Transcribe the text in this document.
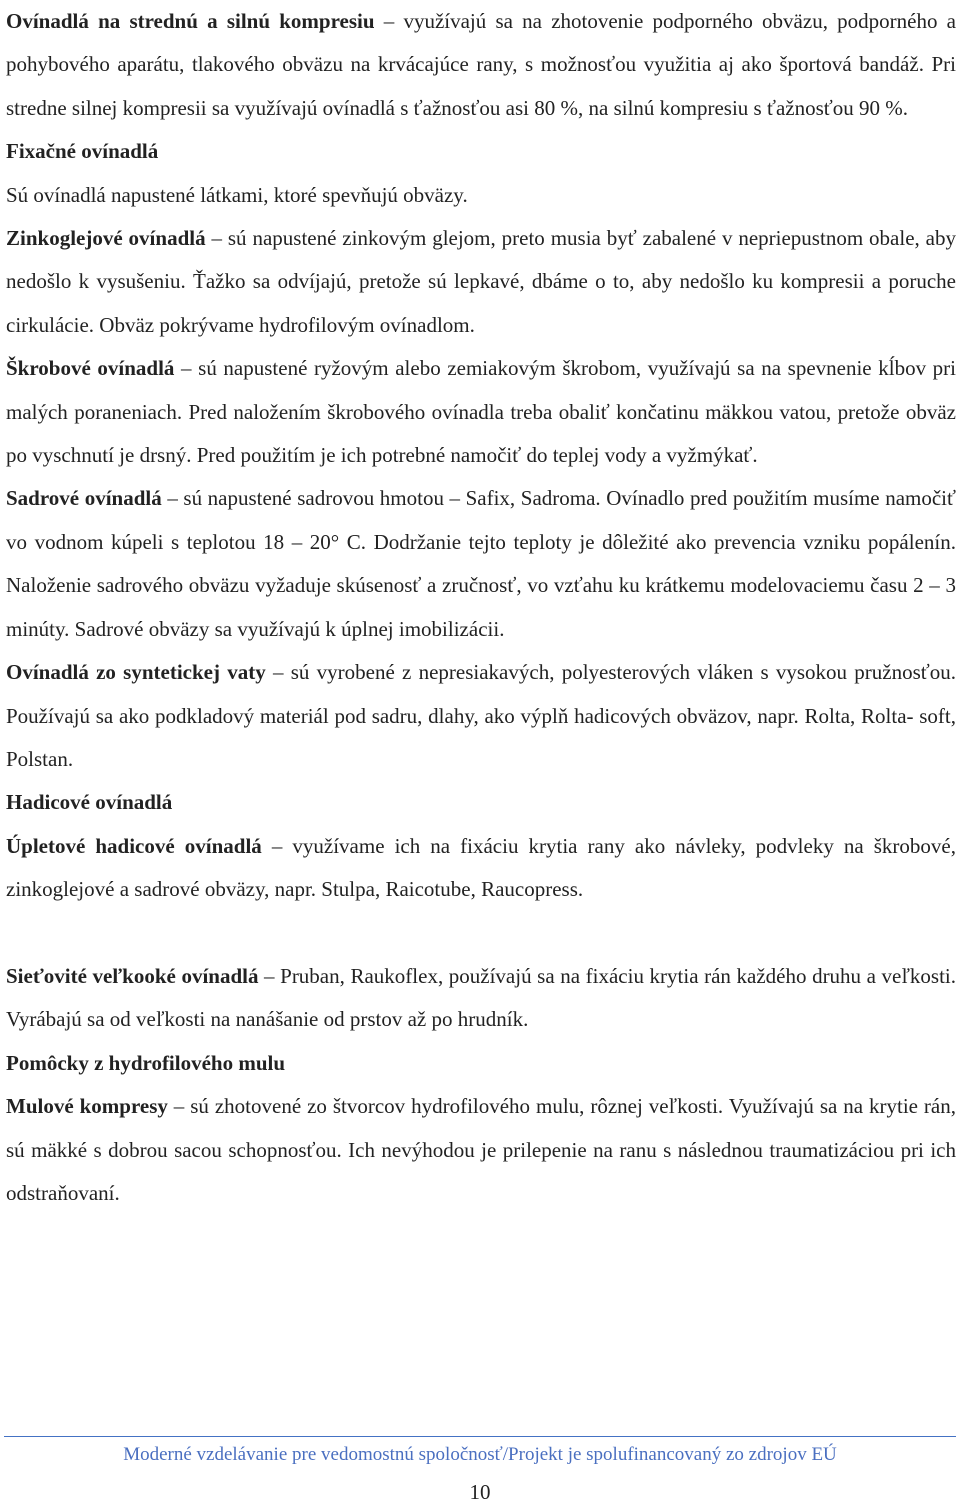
Ovínadlá na strednú a silnú kompresiu – využívajú sa na zhotovenie podporného obväzu, podporného a pohybového aparátu, tlakového obväzu na krvácajúce rany, s možnosťou využitia aj ako športová bandáž. Pri stredne silnej kompresii sa využívajú ovínadlá s ťažnosťou asi 80 %, na silnú kompresiu s ťažnosťou 90 %.

Fixačné ovínadlá

Sú ovínadlá napustené látkami, ktoré spevňujú obväzy.

Zinkoglejové ovínadlá – sú napustené zinkovým glejom, preto musia byť zabalené v nepriepustnom obale, aby nedošlo k vysušeniu. Ťažko sa odvíjajú, pretože sú lepkavé, dbáme o to, aby nedošlo ku kompresii a poruche cirkulácie. Obväz pokrývame hydrofilovým ovínadlom.

Škrobové ovínadlá – sú napustené ryžovým alebo zemiakovým škrobom, využívajú sa na spevnenie kĺbov pri malých poraneniach. Pred naložením škrobového ovínadla treba obaliť končatinu mäkkou vatou, pretože obväz po vyschnutí je drsný. Pred použitím je ich potrebné namočiť do teplej vody a vyžmýkať.

Sadrové ovínadlá – sú napustené sadrovou hmotou – Safix, Sadroma. Ovínadlo pred použitím musíme namočiť vo vodnom kúpeli s teplotou 18 – 20° C. Dodržanie tejto teploty je dôležité ako prevencia vzniku popálenín. Naloženie sadrového obväzu vyžaduje skúsenosť a zručnosť, vo vzťahu ku krátkemu modelovaciemu času 2 – 3 minúty. Sadrové obväzy sa využívajú k úplnej imobilizácii.

Ovínadlá zo syntetickej vaty – sú vyrobené z nepresiakavých, polyesterových vláken s vysokou pružnosťou. Používajú sa ako podkladový materiál pod sadru, dlahy, ako výplň hadicových obväzov, napr. Rolta, Rolta- soft, Polstan.

Hadicové ovínadlá

Úpletové hadicové ovínadlá – využívame ich na fixáciu krytia rany ako návleky, podvleky na škrobové, zinkoglejové a sadrové obväzy, napr. Stulpa, Raicotube, Raucopress.

Sieťovité veľkooké ovínadlá – Pruban, Raukoflex, používajú sa na fixáciu krytia rán každého druhu a veľkosti. Vyrábajú sa od veľkosti na nanášanie od prstov až po hrudník.

Pomôcky z hydrofilového mulu

Mulové kompresy – sú zhotovené zo štvorcov hydrofilového mulu, rôznej veľkosti. Využívajú sa na krytie rán, sú mäkké s dobrou sacou schopnosťou. Ich nevýhodou je prilepenie na ranu s následnou traumatizáciou pri ich odstraňovaní.

Moderné vzdelávanie pre vedomostnú spoločnosť/Projekt je spolufinancovaný zo zdrojov EÚ
10
